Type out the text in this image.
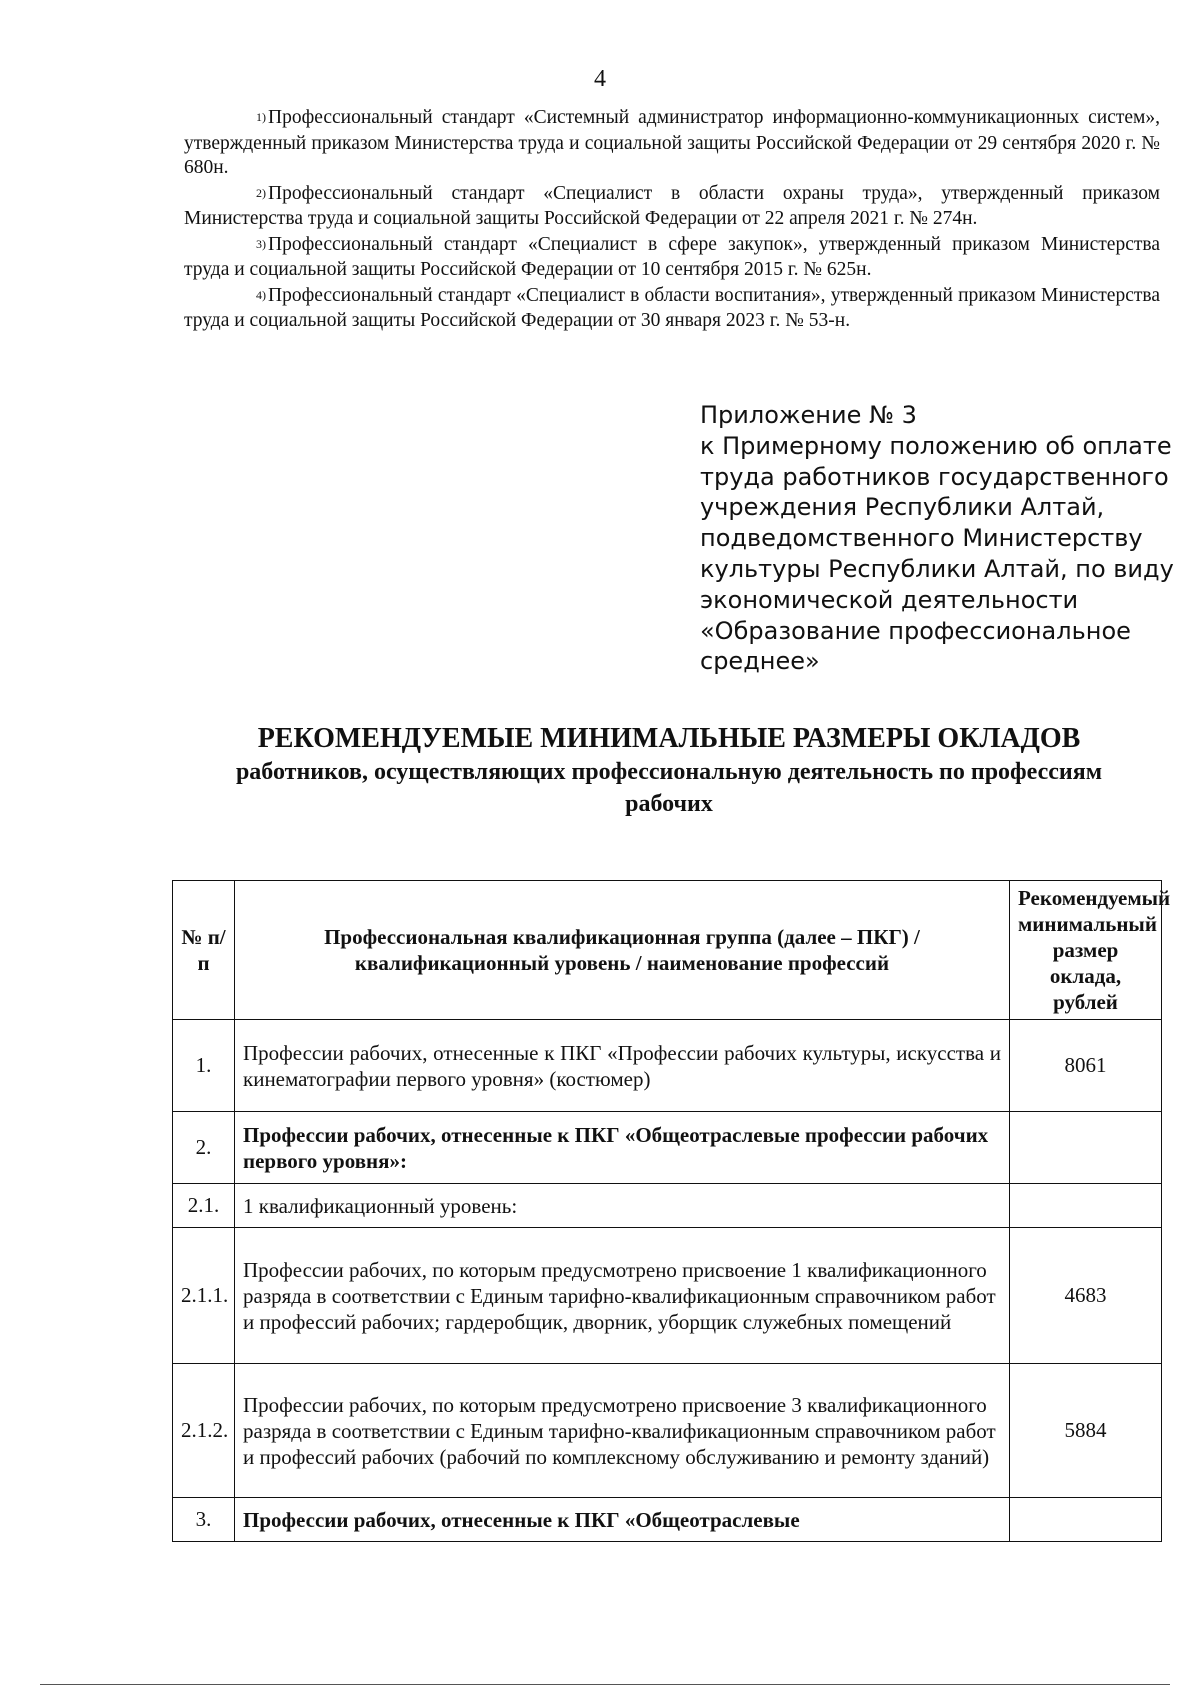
4

$^{1)}$ Профессиональный стандарт «Системный администратор информационно-коммуникационных систем», утвержденный приказом Министерства труда и социальной защиты Российской Федерации от 29 сентября 2020 г. № 680н.

$^{2)}$ Профессиональный стандарт «Специалист в области охраны труда», утвержденный приказом Министерства труда и социальной защиты Российской Федерации от 22 апреля 2021 г. № 274н.

$^{3)}$ Профессиональный стандарт «Специалист в сфере закупок», утвержденный приказом Министерства труда и социальной защиты Российской Федерации от 10 сентября 2015 г. № 625н.

$^{4)}$ Профессиональный стандарт «Специалист в области воспитания», утвержденный приказом Министерства труда и социальной защиты Российской Федерации от 30 января 2023 г. № 53-н.

Приложение № 3
к Примерному положению об оплате
труда работников государственного
учреждения Республики Алтай,
подведомственного Министерству
культуры Республики Алтай, по виду
экономической деятельности
«Образование профессиональное
среднее»
РЕКОМЕНДУЕМЫЕ МИНИМАЛЬНЫЕ РАЗМЕРЫ ОКЛАДОВ
работников, осуществляющих профессиональную деятельность по профессиям рабочих
№ п/п	Профессиональная квалификационная группа (далее – ПКГ) / квалификационный уровень / наименование профессий	Рекомендуемый минимальный размер оклада, рублей
1.	Профессии рабочих, отнесенные к ПКГ «Профессии рабочих культуры, искусства и кинематографии первого уровня» (костюмер)	8061
2.	Профессии рабочих, отнесенные к ПКГ «Общеотраслевые профессии рабочих первого уровня»:	
2.1.	1 квалификационный уровень:	
2.1.1.	Профессии рабочих, по которым предусмотрено присвоение 1 квалификационного разряда в соответствии с Единым тарифно-квалификационным справочником работ и профессий рабочих; гардеробщик, дворник, уборщик служебных помещений	4683
2.1.2.	Профессии рабочих, по которым предусмотрено присвоение 3 квалификационного разряда в соответствии с Единым тарифно-квалификационным справочником работ и профессий рабочих (рабочий по комплексному обслуживанию и ремонту зданий)	5884
3.	Профессии рабочих, отнесенные к ПКГ «Общеотраслевые	
